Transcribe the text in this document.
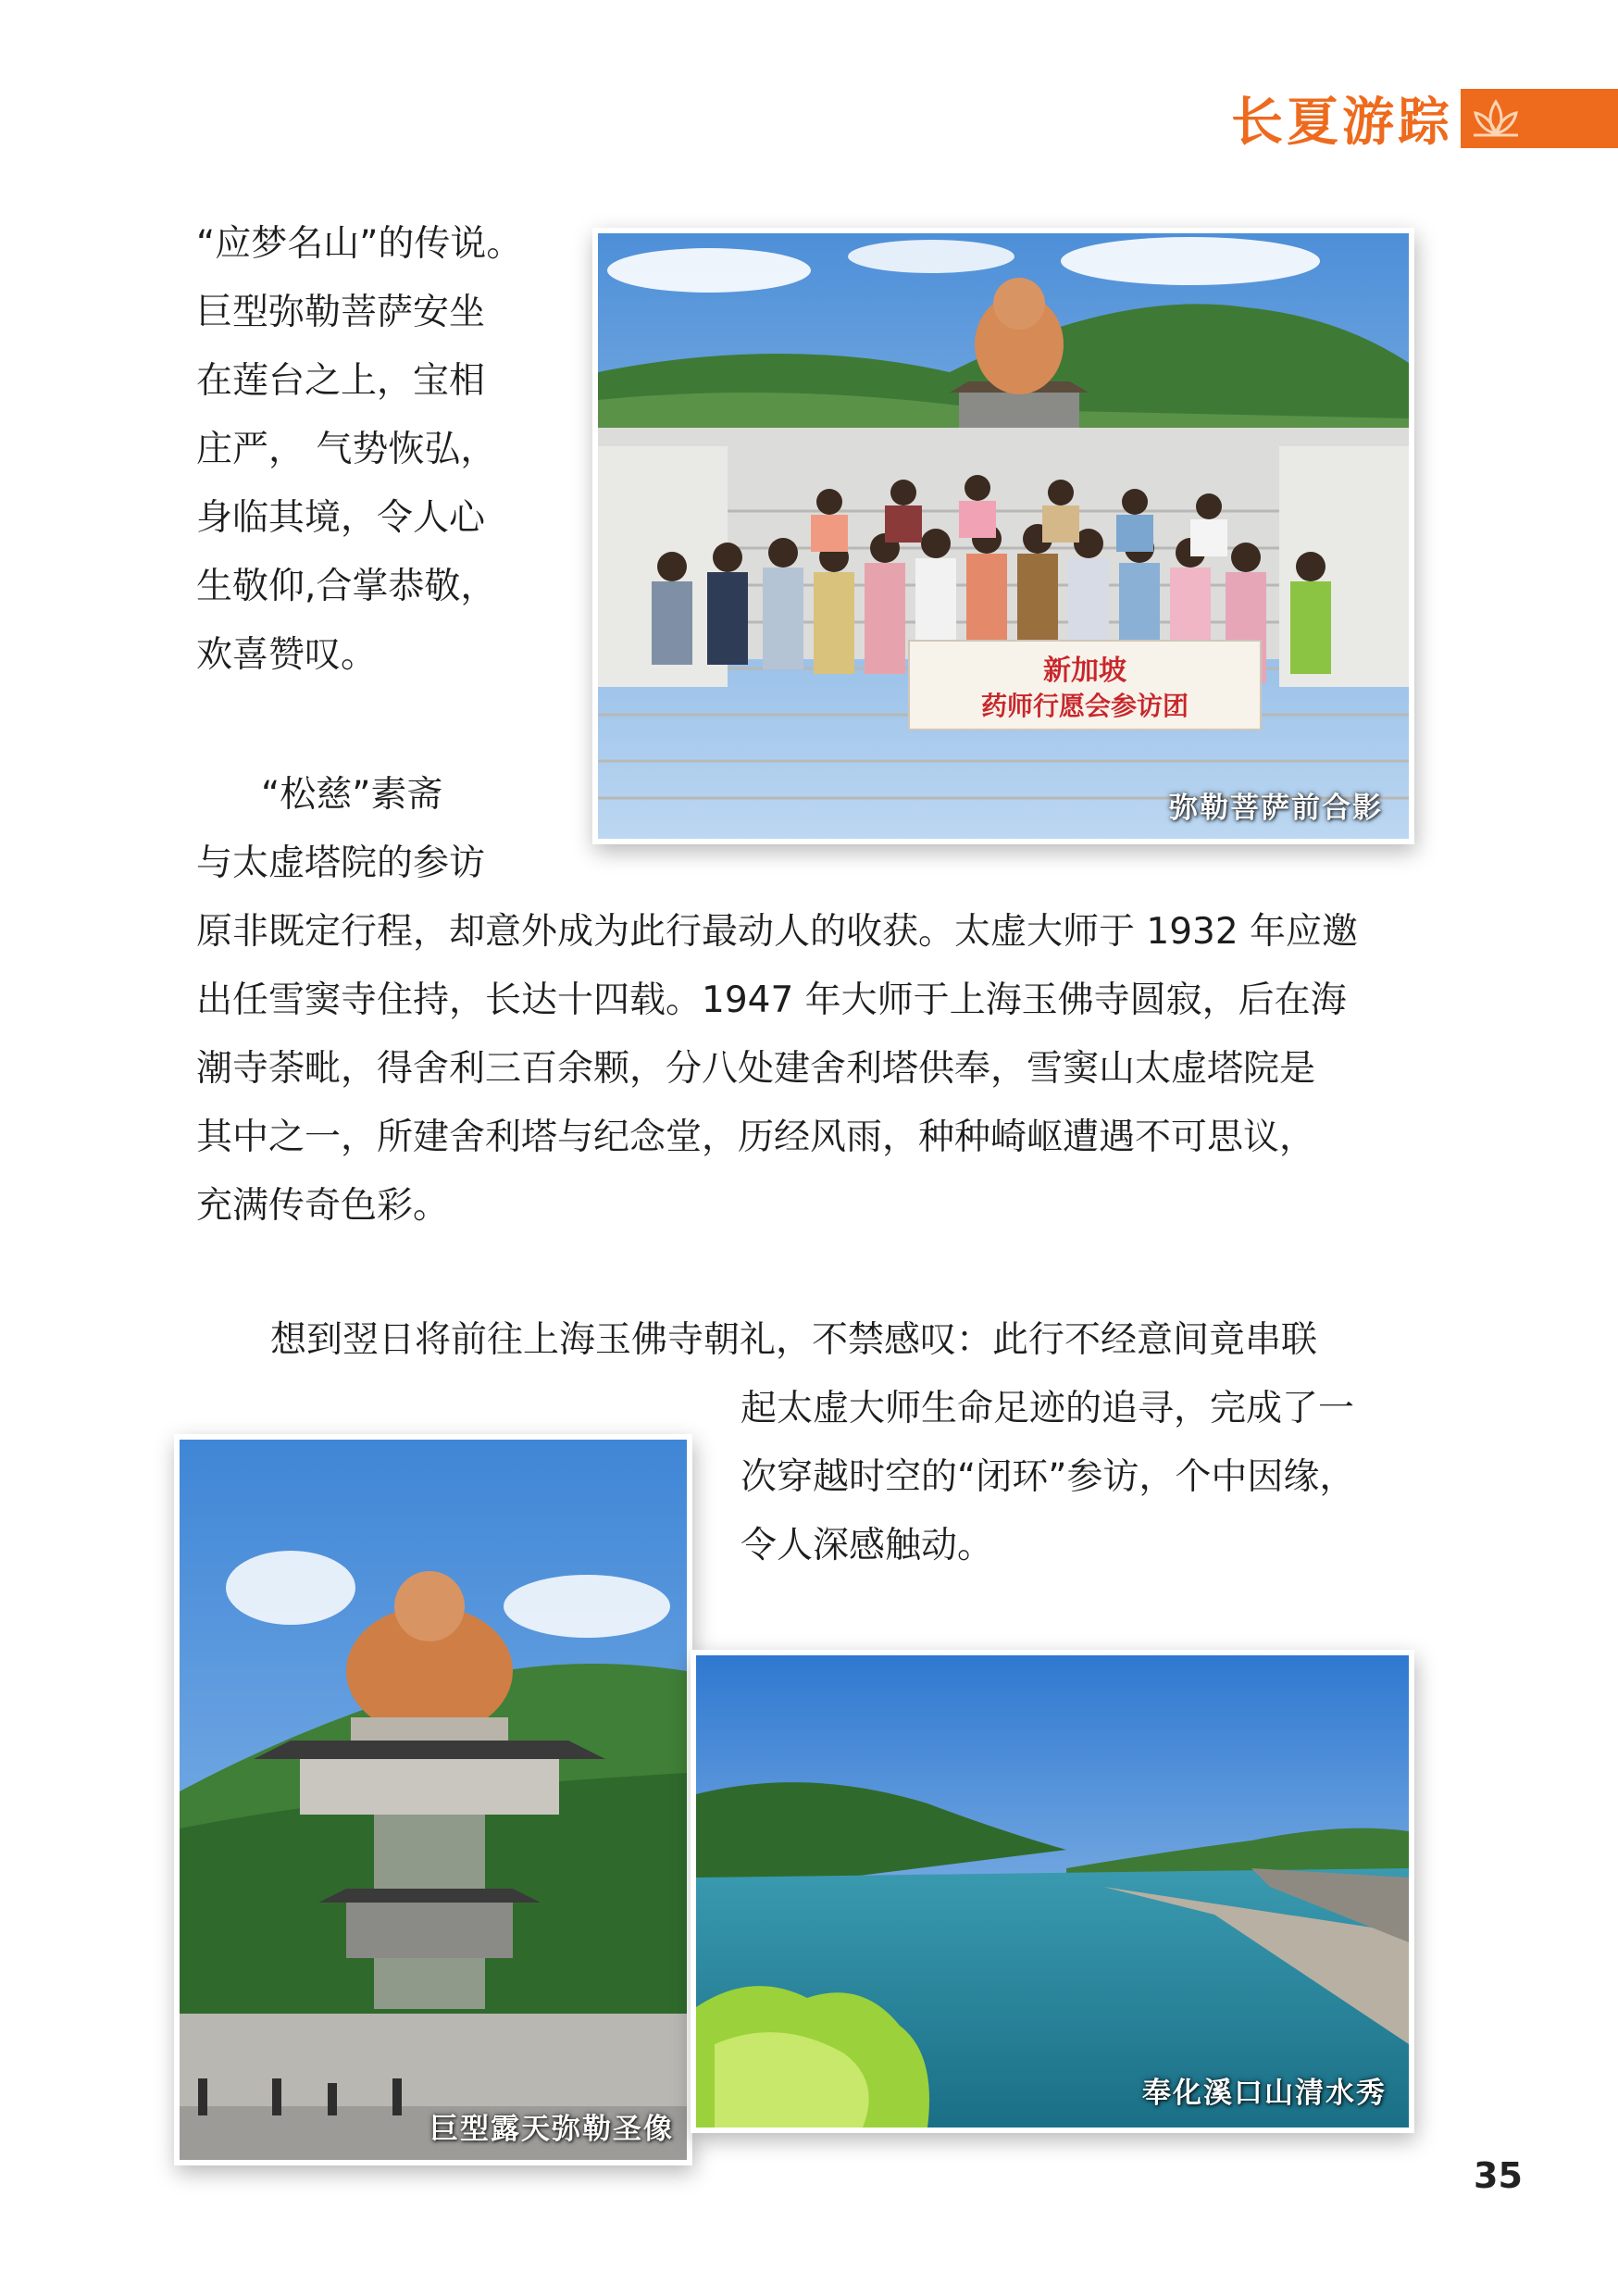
长夏游踪
“应梦名山”的传说。
巨型弥勒菩萨安坐
在莲台之上，宝相
庄严， 气势恢弘，
身临其境，令人心
生敬仰,合掌恭敬，
欢喜赞叹。
“松慈”素斋
与太虚塔院的参访
原非既定行程，却意外成为此行最动人的收获。太虚大师于 1932 年应邀
出任雪窦寺住持，长达十四载。1947 年大师于上海玉佛寺圆寂，后在海
潮寺荼毗，得舍利三百余颗，分八处建舍利塔供奉，雪窦山太虚塔院是
其中之一，所建舍利塔与纪念堂，历经风雨，种种崎岖遭遇不可思议，
充满传奇色彩。
想到翌日将前往上海玉佛寺朝礼，不禁感叹：此行不经意间竟串联
起太虚大师生命足迹的追寻，完成了一
次穿越时空的“闭环”参访，个中因缘，
令人深感触动。
新加坡
药师行愿会参访团
弥勒菩萨前合影
巨型露天弥勒圣像
奉化溪口山清水秀
35
